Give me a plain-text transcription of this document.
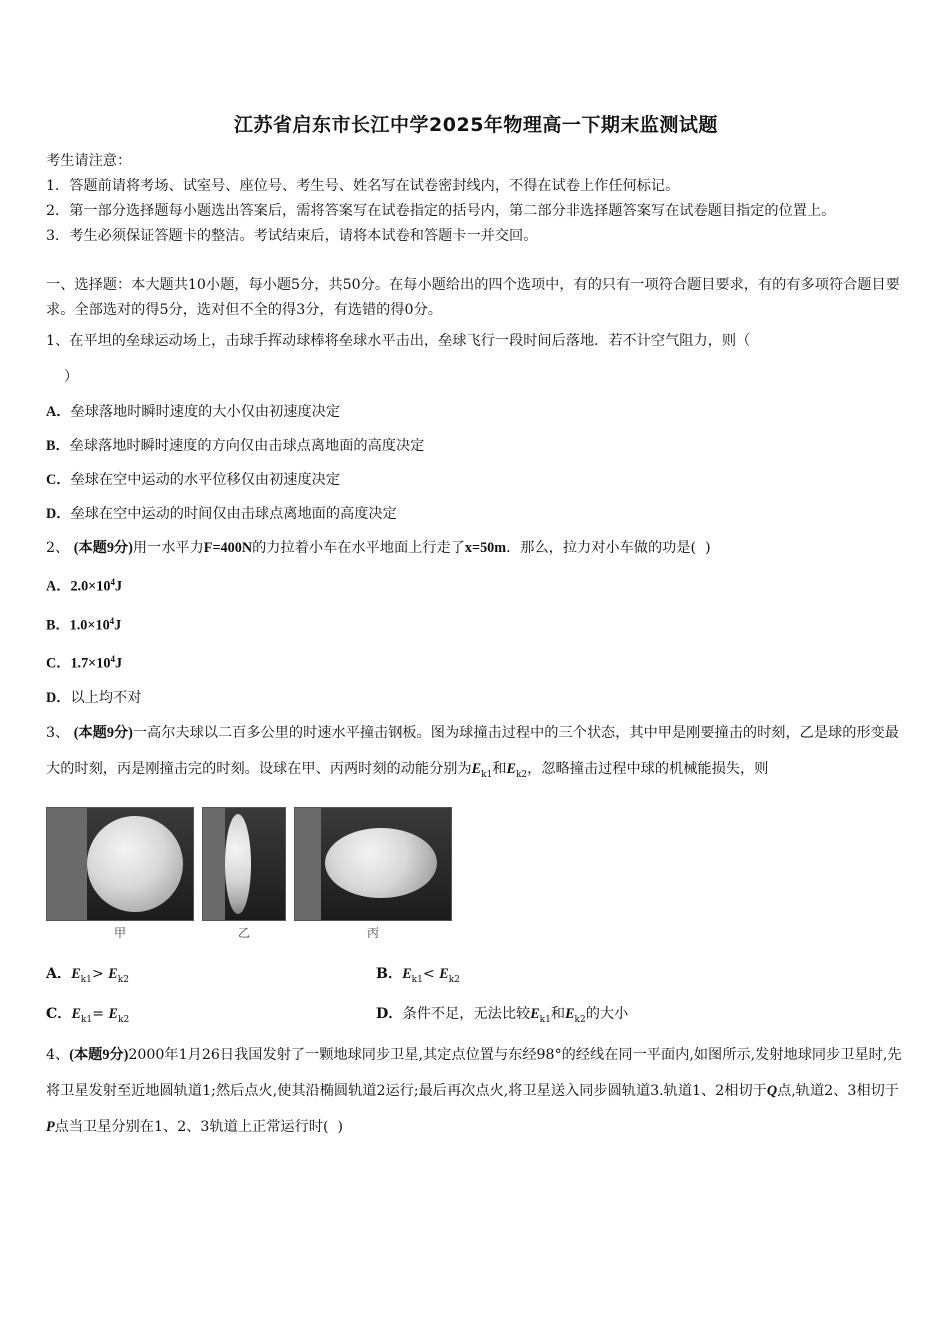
江苏省启东市长江中学2025年物理高一下期末监测试题

考生请注意：

1．答题前请将考场、试室号、座位号、考生号、姓名写在试卷密封线内，不得在试卷上作任何标记。

2．第一部分选择题每小题选出答案后，需将答案写在试卷指定的括号内，第二部分非选择题答案写在试卷题目指定的位置上。

3．考生必须保证答题卡的整洁。考试结束后，请将本试卷和答题卡一并交回。

一、选择题：本大题共10小题，每小题5分，共50分。在每小题给出的四个选项中，有的只有一项符合题目要求，有的有多项符合题目要求。全部选对的得5分，选对但不全的得3分，有选错的得0分。

1、在平坦的垒球运动场上，击球手挥动球棒将垒球水平击出，垒球飞行一段时间后落地．若不计空气阻力，则（

）

A．垒球落地时瞬时速度的大小仅由初速度决定

B．垒球落地时瞬时速度的方向仅由击球点离地面的高度决定

C．垒球在空中运动的水平位移仅由初速度决定

D．垒球在空中运动的时间仅由击球点离地面的高度决定

2、 (本题9分)用一水平力F=400N的力拉着小车在水平地面上行走了x=50m．那么，拉力对小车做的功是( )

A．$2.0\times 10^4J$

B．$1.0\times 10^4J$

C．$1.7\times 10^4J$

D．以上均不对

3、 (本题9分)一高尔夫球以二百多公里的时速水平撞击钢板。图为球撞击过程中的三个状态，其中甲是刚要撞击的时刻，乙是球的形变最大的时刻，丙是刚撞击完的时刻。设球在甲、丙两时刻的动能分别为$E_{k1}$和$E_{k2}$，忽略撞击过程中球的机械能损失，则

甲	乙	丙
A．$E_{k1}> E_{k2}$	B．$E_{k1}< E_{k2}$
C．$E_{k1}= E_{k2}$	D．条件不足，无法比较$E_{k1}$和$E_{k2}$的大小

4、(本题9分)2000年1月26日我国发射了一颗地球同步卫星,其定点位置与东经98°的经线在同一平面内,如图所示,发射地球同步卫星时,先将卫星发射至近地圆轨道1;然后点火,使其沿椭圆轨道2运行;最后再次点火,将卫星送入同步圆轨道3.轨道1、2相切于Q点,轨道2、3相切于P点当卫星分别在1、2、3轨道上正常运行时( )
